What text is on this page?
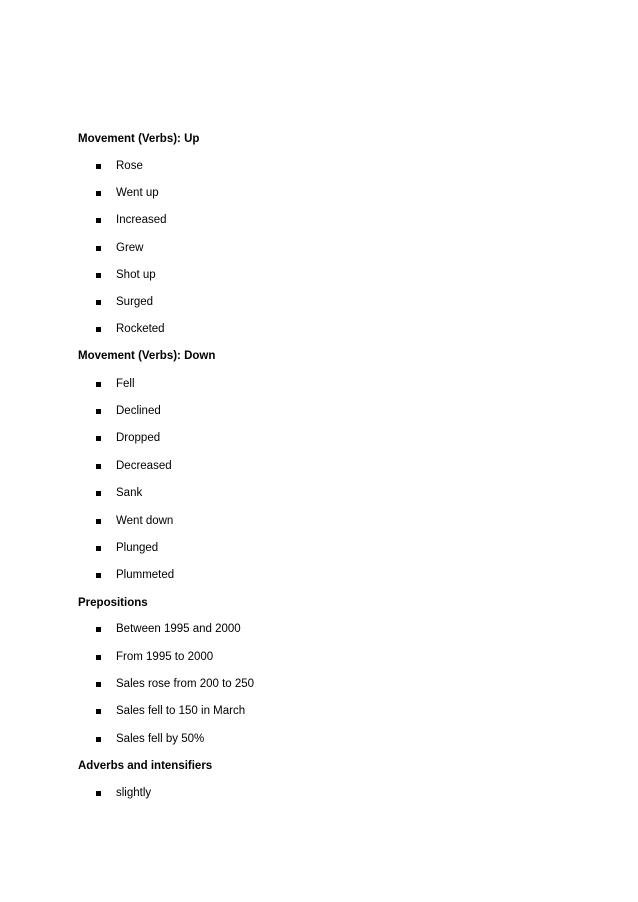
Movement (Verbs): Up
Rose
Went up
Increased
Grew
Shot up
Surged
Rocketed
Movement (Verbs): Down
Fell
Declined
Dropped
Decreased
Sank
Went down
Plunged
Plummeted
Prepositions
Between 1995 and 2000
From 1995 to 2000
Sales rose from 200 to 250
Sales fell to 150 in March
Sales fell by 50%
Adverbs and intensifiers
slightly
